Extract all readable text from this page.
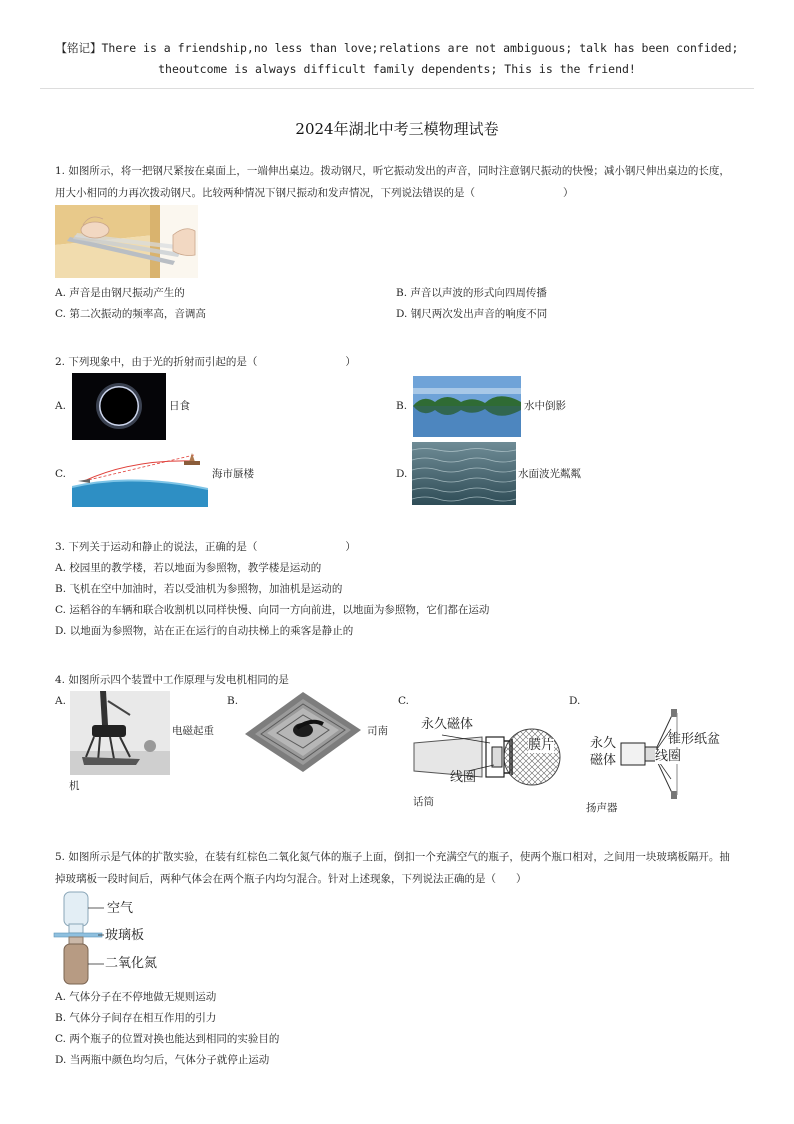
【铭记】There is a friendship,no less than love;relations are not ambiguous; talk has been confided;
theoutcome is always difficult family dependents; This is the friend!
2024年湖北中考三模物理试卷
1. 如图所示，将一把钢尺紧按在桌面上，一端伸出桌边。拨动钢尺，听它振动发出的声音，同时注意钢尺振动的快慢；减小钢尺伸出桌边的长度，用大小相同的力再次拨动钢尺。比较两种情况下钢尺振动和发声情况，下列说法错误的是（	）
A. 声音是由钢尺振动产生的	B. 声音以声波的形式向四周传播
C. 第二次振动的频率高，音调高	D. 钢尺两次发出声音的响度不同
2. 下列现象中，由于光的折射而引起的是（	）
A.	日食	B.	水中倒影
C.	海市蜃楼	D.	水面波光粼粼
3. 下列关于运动和静止的说法，正确的是（	）
A. 校园里的教学楼，若以地面为参照物，教学楼是运动的
B. 飞机在空中加油时，若以受油机为参照物，加油机是运动的
C. 运稻谷的车辆和联合收割机以同样快慢、向同一方向前进，以地面为参照物，它们都在运动
D. 以地面为参照物，站在正在运行的自动扶梯上的乘客是静止的
4. 如图所示四个装置中工作原理与发电机相同的是
A.
电磁起重
机
B.
司南
C.
永久磁体
膜片
线圈
话筒
D.
永久
磁体
锥形纸盆
线圈
扬声器
5. 如图所示是气体的扩散实验，在装有红棕色二氧化氮气体的瓶子上面，倒扣一个充满空气的瓶子，使两个瓶口相对，之间用一块玻璃板隔开。抽掉玻璃板一段时间后，两种气体会在两个瓶子内均匀混合。针对上述现象，下列说法正确的是（ ）
空气
玻璃板
二氧化氮
A. 气体分子在不停地做无规则运动
B. 气体分子间存在相互作用的引力
C. 两个瓶子的位置对换也能达到相同的实验目的
D. 当两瓶中颜色均匀后，气体分子就停止运动
